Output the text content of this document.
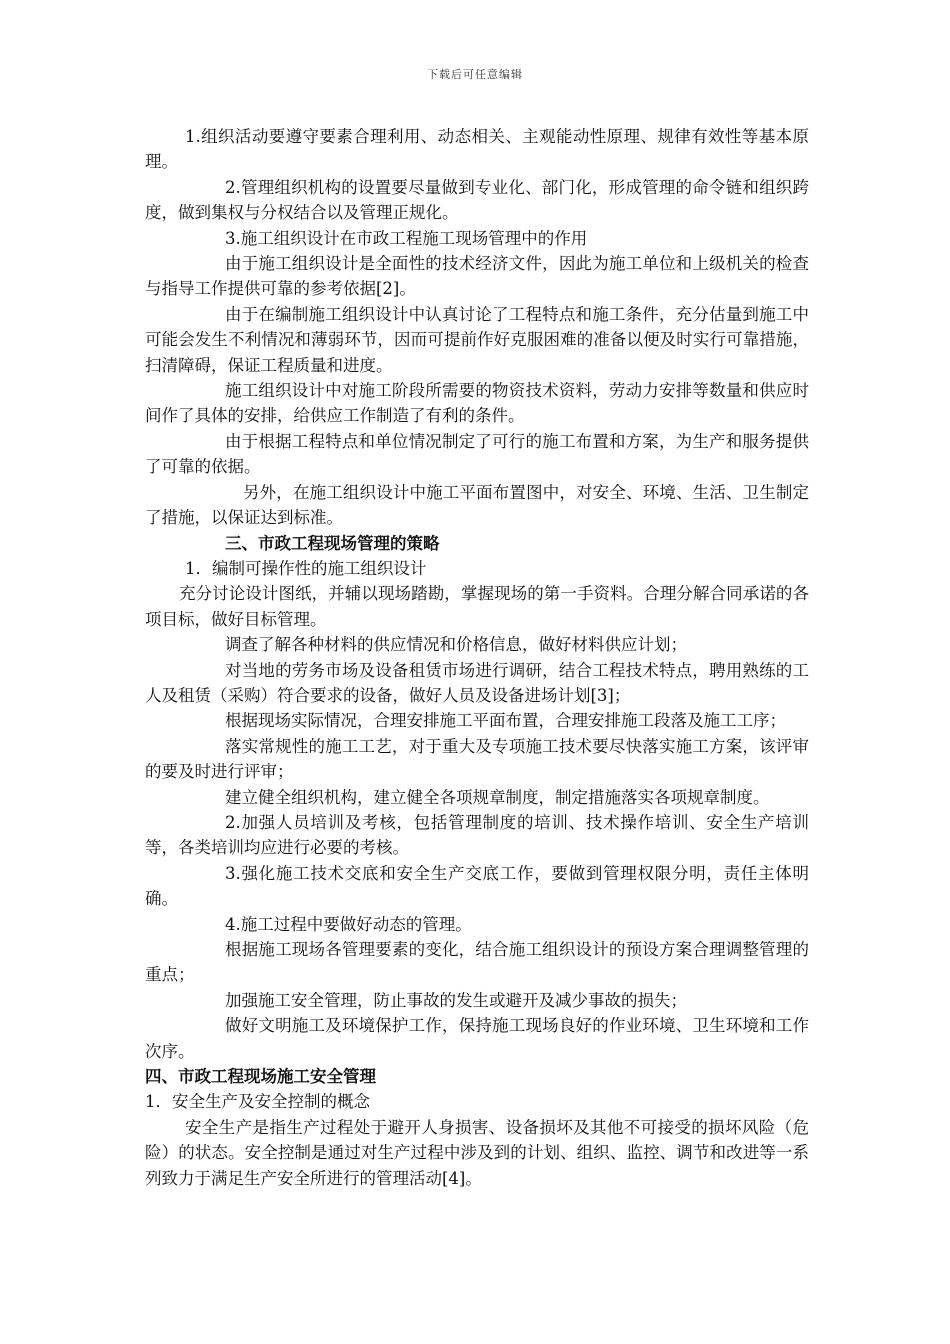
下载后可任意编辑

1.组织活动要遵守要素合理利用、动态相关、主观能动性原理、规律有效性等基本原理。

2.管理组织机构的设置要尽量做到专业化、部门化，形成管理的命令链和组织跨度，做到集权与分权结合以及管理正规化。

3.施工组织设计在市政工程施工现场管理中的作用

由于施工组织设计是全面性的技术经济文件，因此为施工单位和上级机关的检查与指导工作提供可靠的参考依据[2]。

由于在编制施工组织设计中认真讨论了工程特点和施工条件，充分估量到施工中可能会发生不利情况和薄弱环节，因而可提前作好克服困难的准备以便及时实行可靠措施，扫清障碍，保证工程质量和进度。

施工组织设计中对施工阶段所需要的物资技术资料，劳动力安排等数量和供应时间作了具体的安排，给供应工作制造了有利的条件。

由于根据工程特点和单位情况制定了可行的施工布置和方案，为生产和服务提供了可靠的依据。

另外，在施工组织设计中施工平面布置图中，对安全、环境、生活、卫生制定了措施，以保证达到标准。

三、市政工程现场管理的策略

1．编制可操作性的施工组织设计

充分讨论设计图纸，并辅以现场踏勘，掌握现场的第一手资料。合理分解合同承诺的各项目标，做好目标管理。

调查了解各种材料的供应情况和价格信息，做好材料供应计划；

对当地的劳务市场及设备租赁市场进行调研，结合工程技术特点，聘用熟练的工人及租赁（采购）符合要求的设备，做好人员及设备进场计划[3]；

根据现场实际情况，合理安排施工平面布置，合理安排施工段落及施工工序；

落实常规性的施工工艺，对于重大及专项施工技术要尽快落实施工方案，该评审的要及时进行评审；

建立健全组织机构，建立健全各项规章制度，制定措施落实各项规章制度。

2.加强人员培训及考核，包括管理制度的培训、技术操作培训、安全生产培训等，各类培训均应进行必要的考核。

3.强化施工技术交底和安全生产交底工作，要做到管理权限分明，责任主体明确。

4.施工过程中要做好动态的管理。

根据施工现场各管理要素的变化，结合施工组织设计的预设方案合理调整管理的重点；

加强施工安全管理，防止事故的发生或避开及减少事故的损失；

做好文明施工及环境保护工作，保持施工现场良好的作业环境、卫生环境和工作次序。

四、市政工程现场施工安全管理

1．安全生产及安全控制的概念

安全生产是指生产过程处于避开人身损害、设备损坏及其他不可接受的损坏风险（危险）的状态。安全控制是通过对生产过程中涉及到的计划、组织、监控、调节和改进等一系列致力于满足生产安全所进行的管理活动[4]。
